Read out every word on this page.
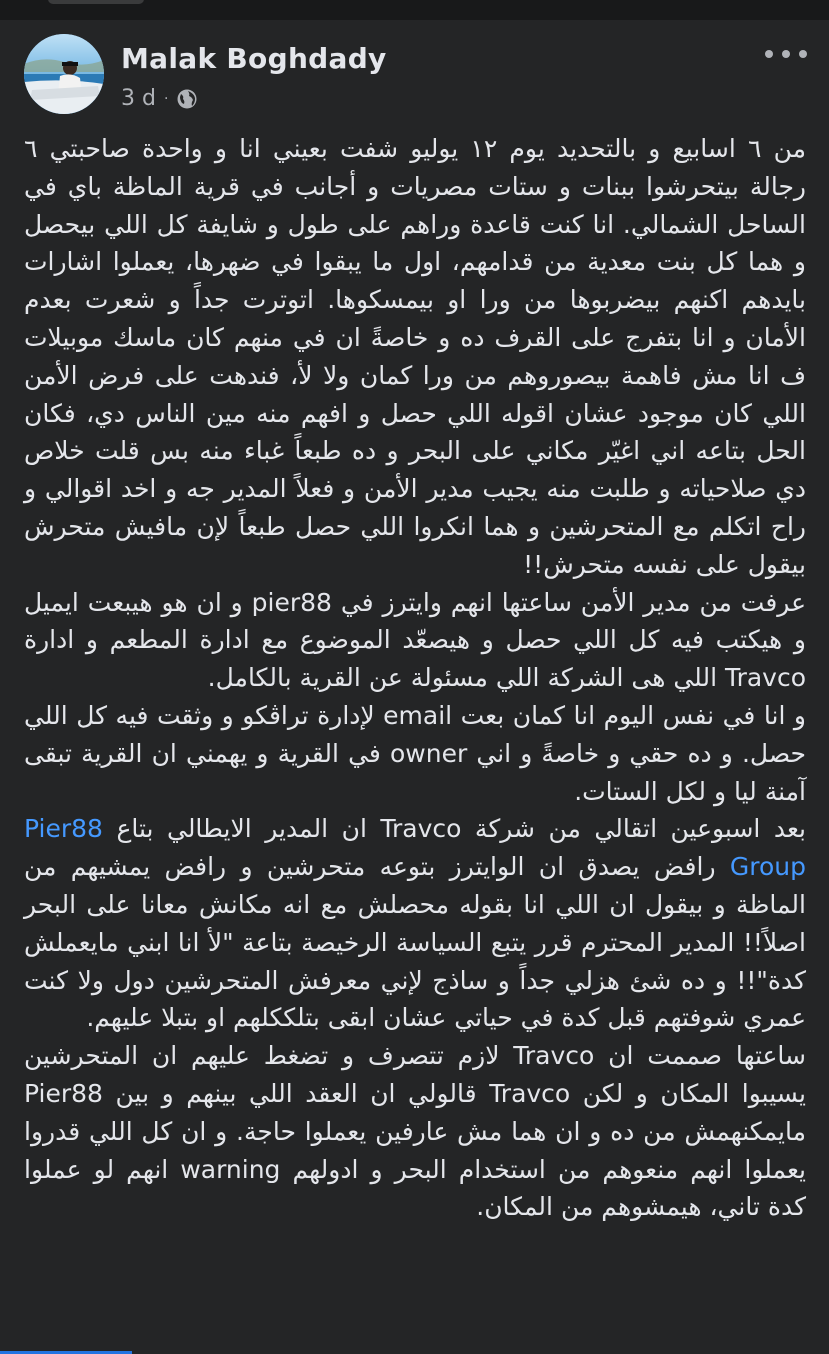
Malak Boghdady
3 d ·

من ٦ اسابيع و بالتحديد يوم ١٢ يوليو شفت بعيني انا و واحدة صاحبتي ٦ رجالة بيتحرشوا ببنات و ستات مصريات و أجانب في قرية الماظة باي في الساحل الشمالي. انا كنت قاعدة وراهم على طول و شايفة كل اللي بيحصل و هما كل بنت معدية من قدامهم، اول ما يبقوا في ضهرها، يعملوا اشارات بايدهم اكنهم بيضربوها من ورا او بيمسكوها. اتوترت جداً و شعرت بعدم الأمان و انا بتفرج على القرف ده و خاصةً ان في منهم كان ماسك موبيلات ف انا مش فاهمة بيصوروهم من ورا كمان ولا لأ، فندهت على فرض الأمن اللي كان موجود عشان اقوله اللي حصل و افهم منه مين الناس دي، فكان الحل بتاعه اني اغيّر مكاني على البحر و ده طبعاً غباء منه بس قلت خلاص دي صلاحياته و طلبت منه يجيب مدير الأمن و فعلاً المدير جه و اخد اقوالي و راح اتكلم مع المتحرشين و هما انكروا اللي حصل طبعاً لإن مافيش متحرش بيقول على نفسه متحرش!!

عرفت من مدير الأمن ساعتها انهم وايترز في pier88 و ان هو هيبعت ايميل و هيكتب فيه كل اللي حصل و هيصعّد الموضوع مع ادارة المطعم و ادارة Travco اللي هى الشركة اللي مسئولة عن القرية بالكامل.

و انا في نفس اليوم انا كمان بعت email لإدارة تراڤكو و وثقت فيه كل اللي حصل. و ده حقي و خاصةً و اني owner في القرية و يهمني ان القرية تبقى آمنة ليا و لكل الستات.

بعد اسبوعين اتقالي من شركة Travco ان المدير الايطالي بتاع Pier88 Group رافض يصدق ان الوايترز بتوعه متحرشين و رافض يمشيهم من الماظة و بيقول ان اللي انا بقوله محصلش مع انه مكانش معانا على البحر اصلاً!! المدير المحترم قرر يتبع السياسة الرخيصة بتاعة "لأ انا ابني مايعملش كدة"!! و ده شئ هزلي جداً و ساذج لإني معرفش المتحرشين دول ولا كنت عمري شوفتهم قبل كدة في حياتي عشان ابقى بتلككلهم او بتبلا عليهم.

ساعتها صممت ان Travco لازم تتصرف و تضغط عليهم ان المتحرشين يسيبوا المكان و لكن Travco قالولي ان العقد اللي بينهم و بين Pier88 مايمكنهمش من ده و ان هما مش عارفين يعملوا حاجة. و ان كل اللي قدروا يعملوا انهم منعوهم من استخدام البحر و ادولهم warning انهم لو عملوا كدة تاني، هيمشوهم من المكان.
